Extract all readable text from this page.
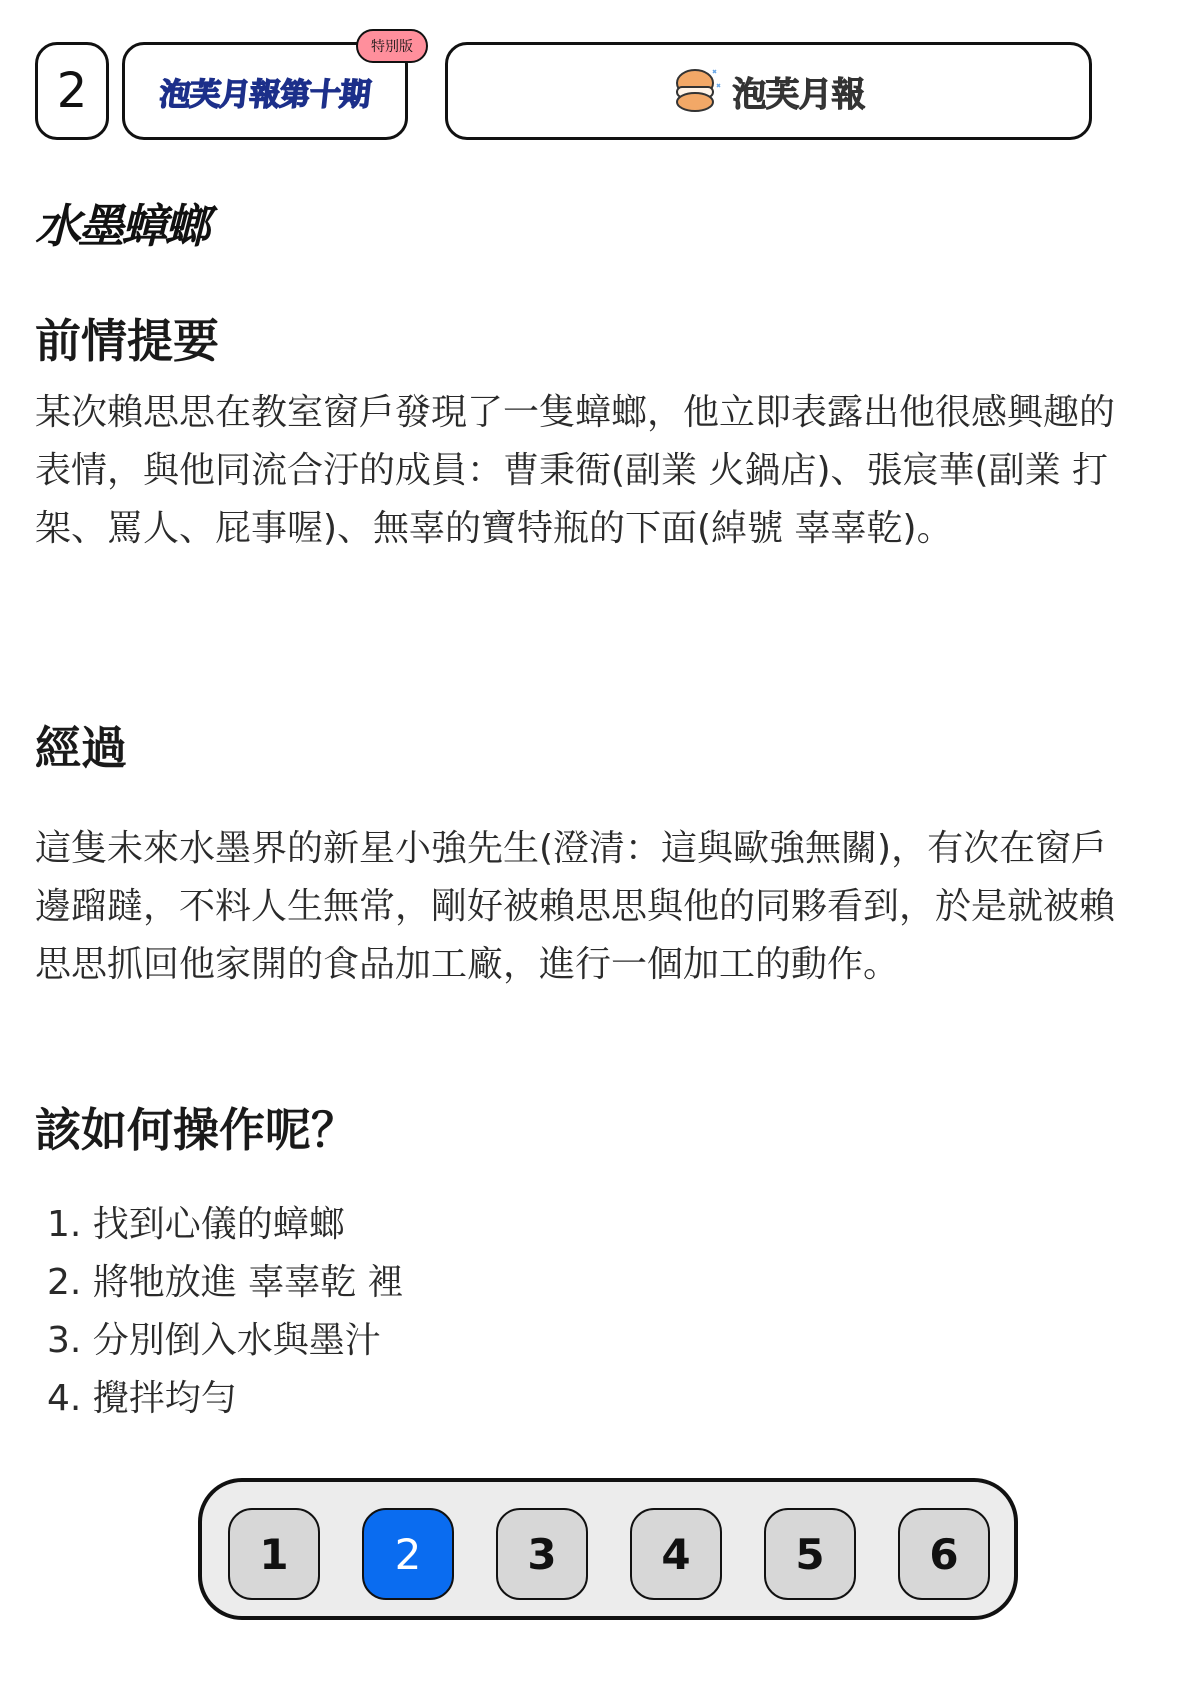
2 泡芙月報第十期
特別版
泡芙月報
水墨蟑螂
前情提要

某次賴思思在教室窗戶發現了一隻蟑螂，他立即表露出他很感興趣的表情，與他同流合汙的成員：曹秉衙(副業 火鍋店)、張宸華(副業 打架、罵人、屁事喔)、無辜的寶特瓶的下面(綽號 辜辜乾)。

經過

這隻未來水墨界的新星小強先生(澄清：這與歐強無關)，有次在窗戶邊蹓躂，不料人生無常，剛好被賴思思與他的同夥看到，於是就被賴思思抓回他家開的食品加工廠，進行一個加工的動作。

該如何操作呢？
1. 找到心儀的蟑螂
2. 將牠放進 辜辜乾 裡
3. 分別倒入水與墨汁
4. 攪拌均勻
1	2	3	4	5	6
